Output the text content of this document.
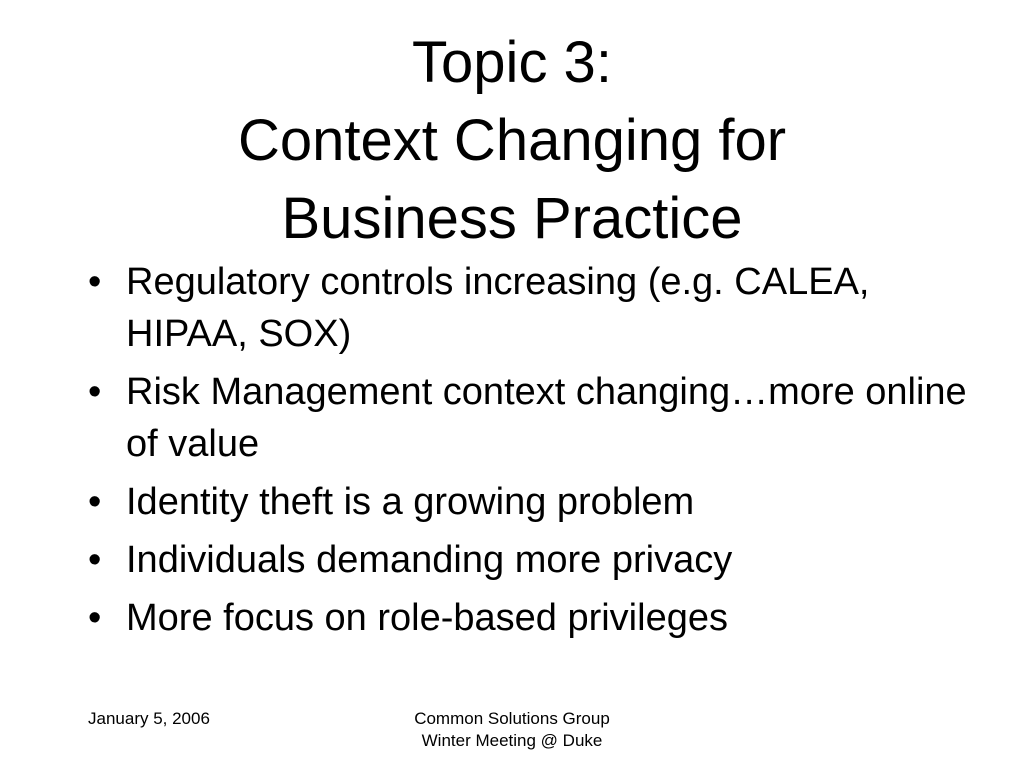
Topic 3:
Context Changing for
Business Practice
• Regulatory controls increasing (e.g. CALEA, HIPAA, SOX)
• Risk Management context changing…more online of value
• Identity theft is a growing problem
• Individuals demanding more privacy
• More focus on role-based privileges
January 5, 2006	Common Solutions Group
Winter Meeting @ Duke
